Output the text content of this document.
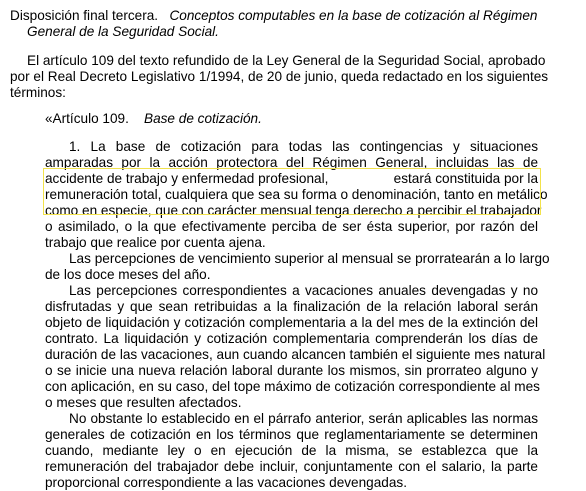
Disposición final tercera. Conceptos computables en la base de cotización al Régimen
General de la Seguridad Social.
El artículo 109 del texto refundido de la Ley General de la Seguridad Social, aprobado
por el Real Decreto Legislativo 1/1994, de 20 de junio, queda redactado en los siguientes
términos:
«Artículo 109. Base de cotización.
1. La base de cotización para todas las contingencias y situaciones
amparadas por la acción protectora del Régimen General, incluidas las de
accidente de trabajo y enfermedad profesional,	estará constituida por la
remuneración total, cualquiera que sea su forma o denominación, tanto en metálico
como en especie, que con carácter mensual tenga derecho a percibir el trabajador
o asimilado, o la que efectivamente perciba de ser ésta superior, por razón del
trabajo que realice por cuenta ajena.
Las percepciones de vencimiento superior al mensual se prorratearán a lo largo
de los doce meses del año.
Las percepciones correspondientes a vacaciones anuales devengadas y no
disfrutadas y que sean retribuidas a la finalización de la relación laboral serán
objeto de liquidación y cotización complementaria a la del mes de la extinción del
contrato. La liquidación y cotización complementaria comprenderán los días de
duración de las vacaciones, aun cuando alcancen también el siguiente mes natural
o se inicie una nueva relación laboral durante los mismos, sin prorrateo alguno y
con aplicación, en su caso, del tope máximo de cotización correspondiente al mes
o meses que resulten afectados.
No obstante lo establecido en el párrafo anterior, serán aplicables las normas
generales de cotización en los términos que reglamentariamente se determinen
cuando, mediante ley o en ejecución de la misma, se establezca que la
remuneración del trabajador debe incluir, conjuntamente con el salario, la parte
proporcional correspondiente a las vacaciones devengadas.
